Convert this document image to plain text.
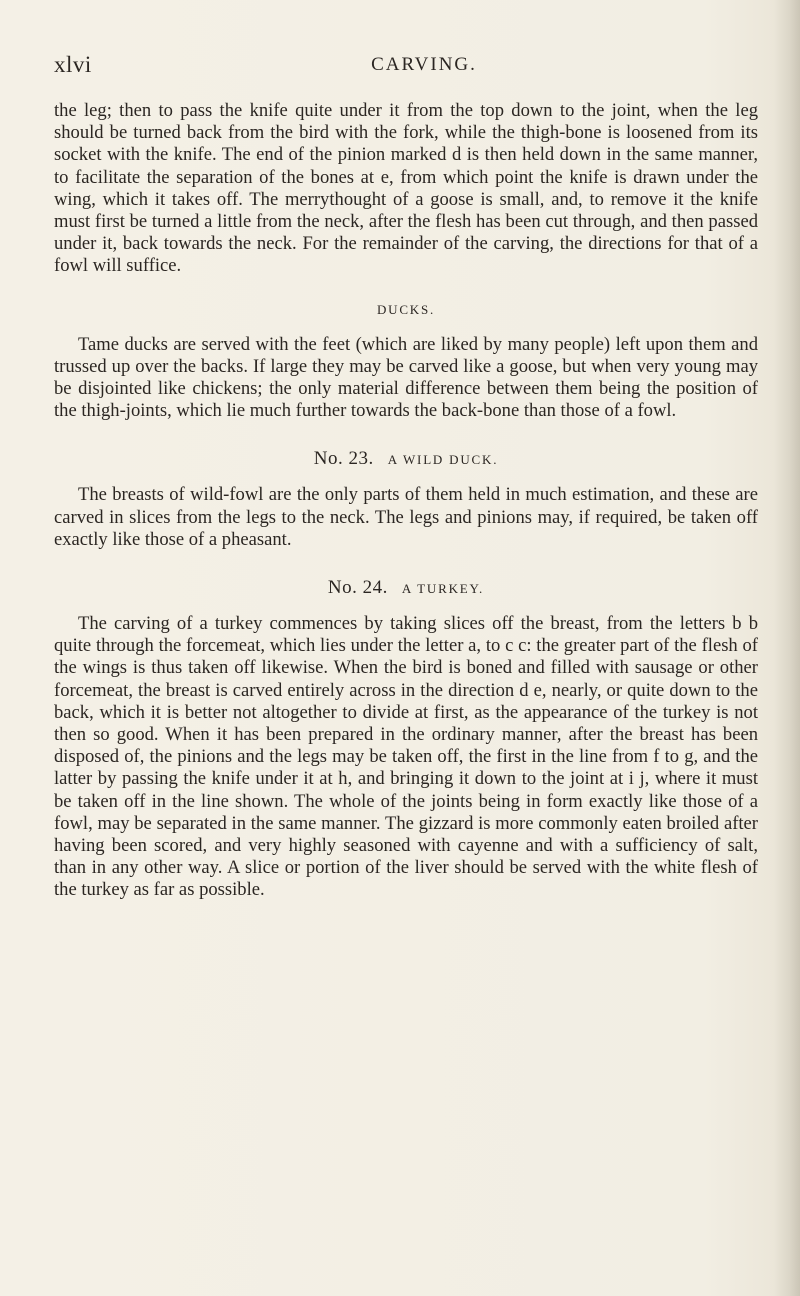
xlvi	CARVING.

the leg; then to pass the knife quite under it from the top down to the joint, when the leg should be turned back from the bird with the fork, while the thigh-bone is loosened from its socket with the knife. The end of the pinion marked d is then held down in the same manner, to facilitate the separation of the bones at e, from which point the knife is drawn under the wing, which it takes off. The merrythought of a goose is small, and, to remove it the knife must first be turned a little from the neck, after the flesh has been cut through, and then passed under it, back towards the neck. For the remainder of the carving, the directions for that of a fowl will suffice.

DUCKS.

Tame ducks are served with the feet (which are liked by many people) left upon them and trussed up over the backs. If large they may be carved like a goose, but when very young may be disjointed like chickens; the only material difference between them being the position of the thigh-joints, which lie much further towards the back-bone than those of a fowl.

No. 23. A WILD DUCK.

The breasts of wild-fowl are the only parts of them held in much estimation, and these are carved in slices from the legs to the neck. The legs and pinions may, if required, be taken off exactly like those of a pheasant.

No. 24. A TURKEY.

The carving of a turkey commences by taking slices off the breast, from the letters b b quite through the forcemeat, which lies under the letter a, to c c: the greater part of the flesh of the wings is thus taken off likewise. When the bird is boned and filled with sausage or other forcemeat, the breast is carved entirely across in the direction d e, nearly, or quite down to the back, which it is better not altogether to divide at first, as the appearance of the turkey is not then so good. When it has been prepared in the ordinary manner, after the breast has been disposed of, the pinions and the legs may be taken off, the first in the line from f to g, and the latter by passing the knife under it at h, and bringing it down to the joint at i j, where it must be taken off in the line shown. The whole of the joints being in form exactly like those of a fowl, may be separated in the same manner. The gizzard is more commonly eaten broiled after having been scored, and very highly seasoned with cayenne and with a sufficiency of salt, than in any other way. A slice or portion of the liver should be served with the white flesh of the turkey as far as possible.
